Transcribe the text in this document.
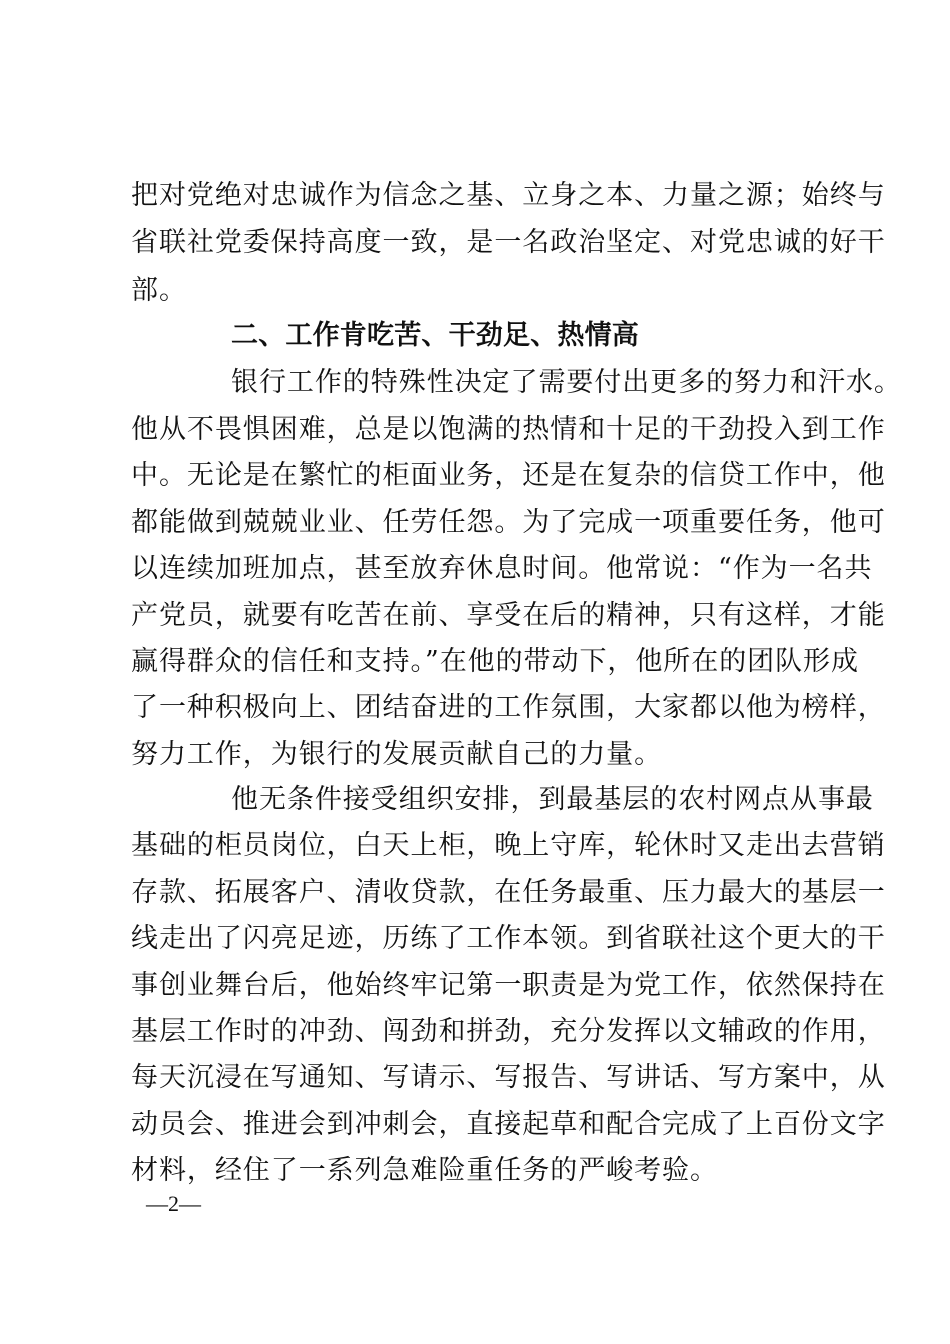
把对党绝对忠诚作为信念之基、立身之本、力量之源；始终与
省联社党委保持高度一致，是一名政治坚定、对党忠诚的好干
部。
二、工作肯吃苦、干劲足、热情高
银行工作的特殊性决定了需要付出更多的努力和汗水。
他从不畏惧困难，总是以饱满的热情和十足的干劲投入到工作
中。无论是在繁忙的柜面业务，还是在复杂的信贷工作中，他
都能做到兢兢业业、任劳任怨。为了完成一项重要任务，他可
以连续加班加点，甚至放弃休息时间。他常说：“作为一名共
产党员，就要有吃苦在前、享受在后的精神，只有这样，才能
赢得群众的信任和支持。”在他的带动下，他所在的团队形成
了一种积极向上、团结奋进的工作氛围，大家都以他为榜样，
努力工作，为银行的发展贡献自己的力量。
他无条件接受组织安排，到最基层的农村网点从事最
基础的柜员岗位，白天上柜，晚上守库，轮休时又走出去营销
存款、拓展客户、清收贷款，在任务最重、压力最大的基层一
线走出了闪亮足迹，历练了工作本领。到省联社这个更大的干
事创业舞台后，他始终牢记第一职责是为党工作，依然保持在
基层工作时的冲劲、闯劲和拼劲，充分发挥以文辅政的作用，
每天沉浸在写通知、写请示、写报告、写讲话、写方案中，从
动员会、推进会到冲刺会，直接起草和配合完成了上百份文字
材料，经住了一系列急难险重任务的严峻考验。
—2—
